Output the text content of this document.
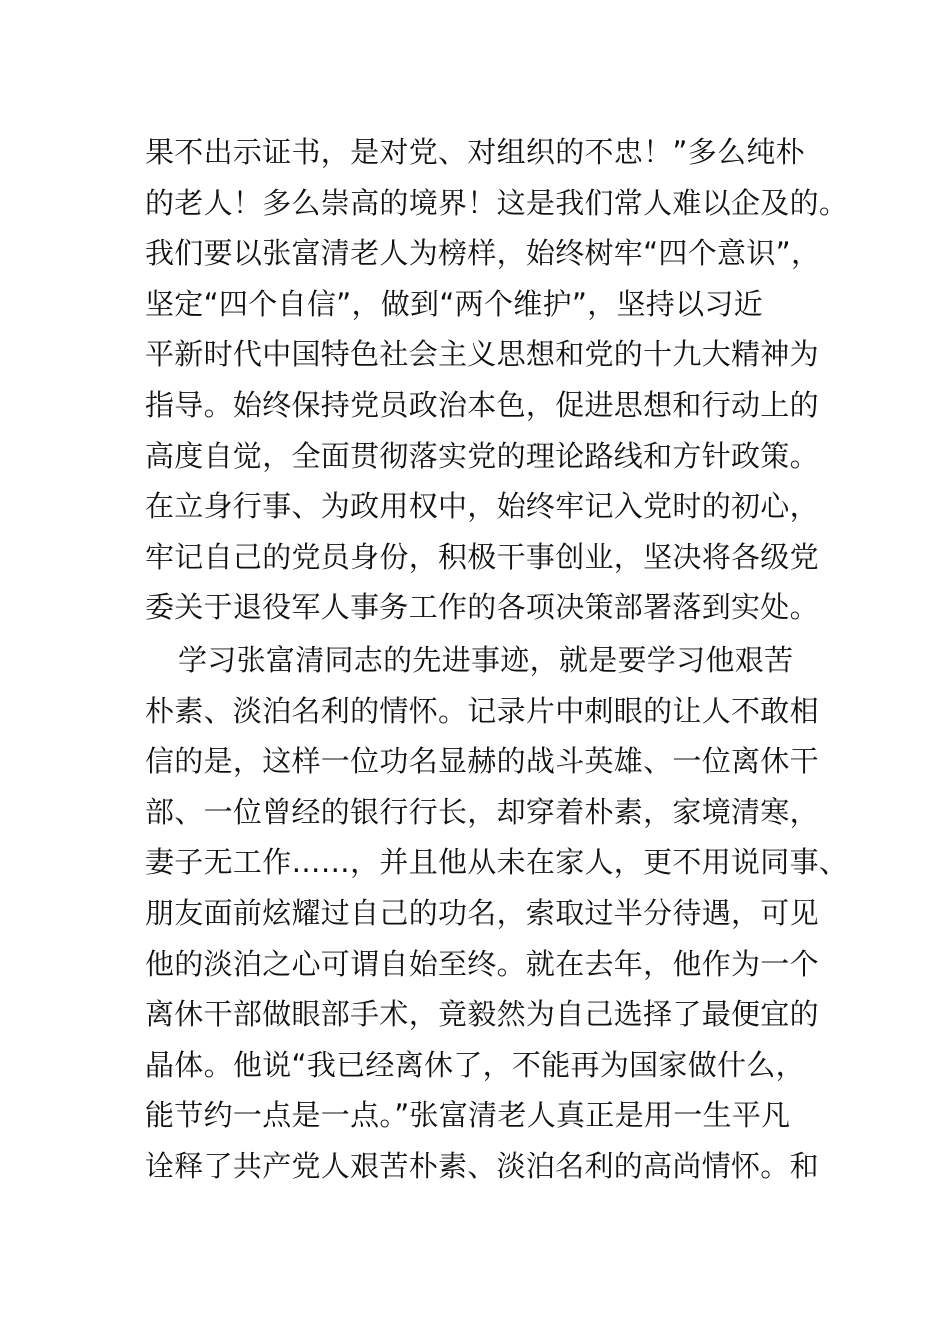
果不出示证书，是对党、对组织的不忠！”多么纯朴
的老人！多么崇高的境界！这是我们常人难以企及的。
我们要以张富清老人为榜样，始终树牢“四个意识”，
坚定“四个自信”，做到“两个维护”，坚持以习近
平新时代中国特色社会主义思想和党的十九大精神为
指导。始终保持党员政治本色，促进思想和行动上的
高度自觉，全面贯彻落实党的理论路线和方针政策。
在立身行事、为政用权中，始终牢记入党时的初心，
牢记自己的党员身份，积极干事创业，坚决将各级党
委关于退役军人事务工作的各项决策部署落到实处。
学习张富清同志的先进事迹，就是要学习他艰苦
朴素、淡泊名利的情怀。记录片中刺眼的让人不敢相
信的是，这样一位功名显赫的战斗英雄、一位离休干
部、一位曾经的银行行长，却穿着朴素，家境清寒，
妻子无工作……，并且他从未在家人，更不用说同事、
朋友面前炫耀过自己的功名，索取过半分待遇，可见
他的淡泊之心可谓自始至终。就在去年，他作为一个
离休干部做眼部手术，竟毅然为自己选择了最便宜的
晶体。他说“我已经离休了，不能再为国家做什么，
能节约一点是一点。”张富清老人真正是用一生平凡
诠释了共产党人艰苦朴素、淡泊名利的高尚情怀。和
